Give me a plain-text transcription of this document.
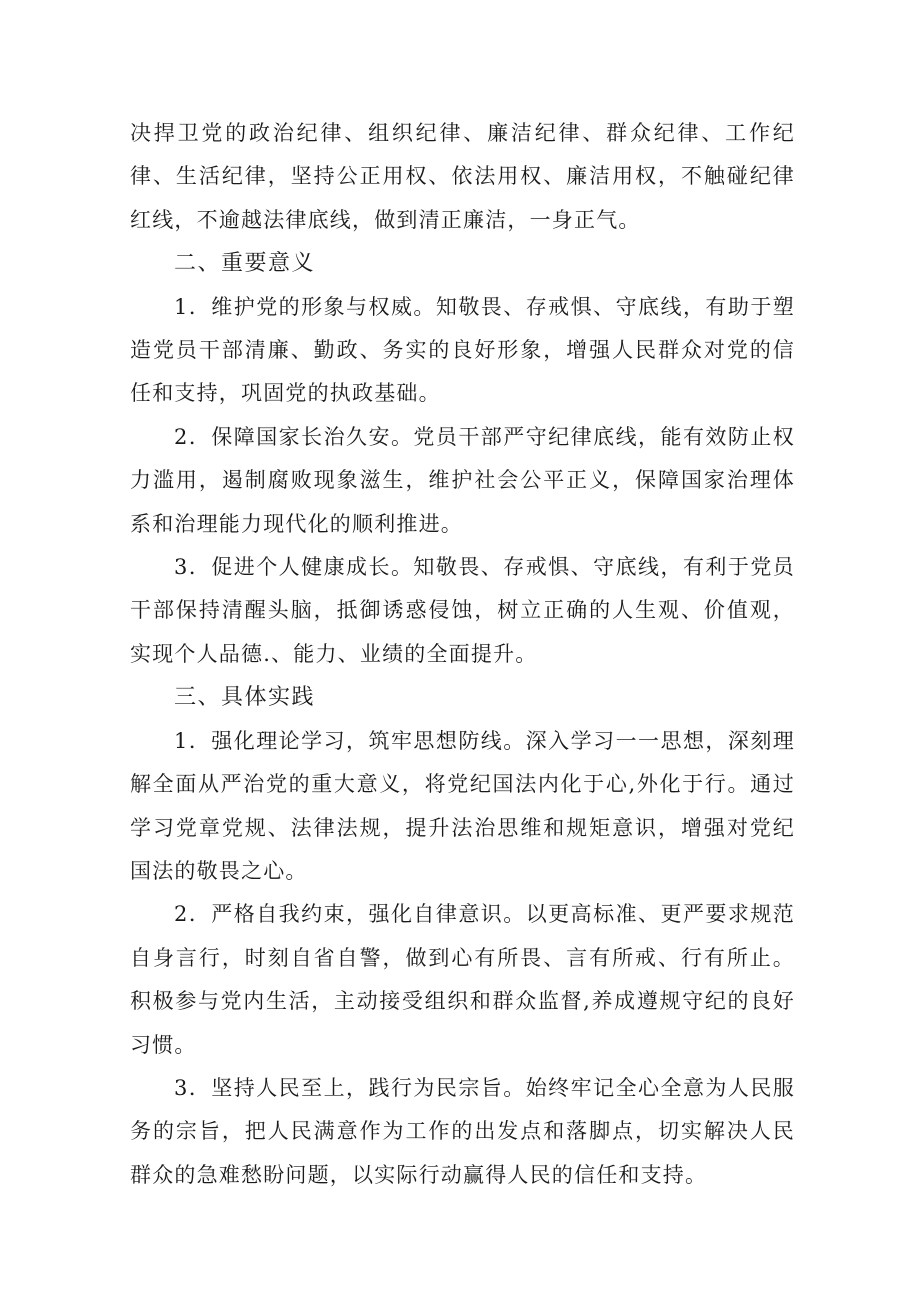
决捍卫党的政治纪律、组织纪律、廉洁纪律、群众纪律、工作纪律、生活纪律，坚持公正用权、依法用权、廉洁用权，不触碰纪律红线，不逾越法律底线，做到清正廉洁，一身正气。

二、重要意义

1．维护党的形象与权威。知敬畏、存戒惧、守底线，有助于塑造党员干部清廉、勤政、务实的良好形象，增强人民群众对党的信任和支持，巩固党的执政基础。

2．保障国家长治久安。党员干部严守纪律底线，能有效防止权力滥用，遏制腐败现象滋生，维护社会公平正义，保障国家治理体系和治理能力现代化的顺利推进。

3．促进个人健康成长。知敬畏、存戒惧、守底线，有利于党员干部保持清醒头脑，抵御诱惑侵蚀，树立正确的人生观、价值观，实现个人品德.、能力、业绩的全面提升。

三、具体实践

1．强化理论学习，筑牢思想防线。深入学习一一思想，深刻理解全面从严治党的重大意义，将党纪国法内化于心,外化于行。通过学习党章党规、法律法规，提升法治思维和规矩意识，增强对党纪国法的敬畏之心。

2．严格自我约束，强化自律意识。以更高标准、更严要求规范自身言行，时刻自省自警，做到心有所畏、言有所戒、行有所止。积极参与党内生活，主动接受组织和群众监督,养成遵规守纪的良好习惯。

3．坚持人民至上，践行为民宗旨。始终牢记全心全意为人民服务的宗旨，把人民满意作为工作的出发点和落脚点，切实解决人民群众的急难愁盼问题，以实际行动赢得人民的信任和支持。
